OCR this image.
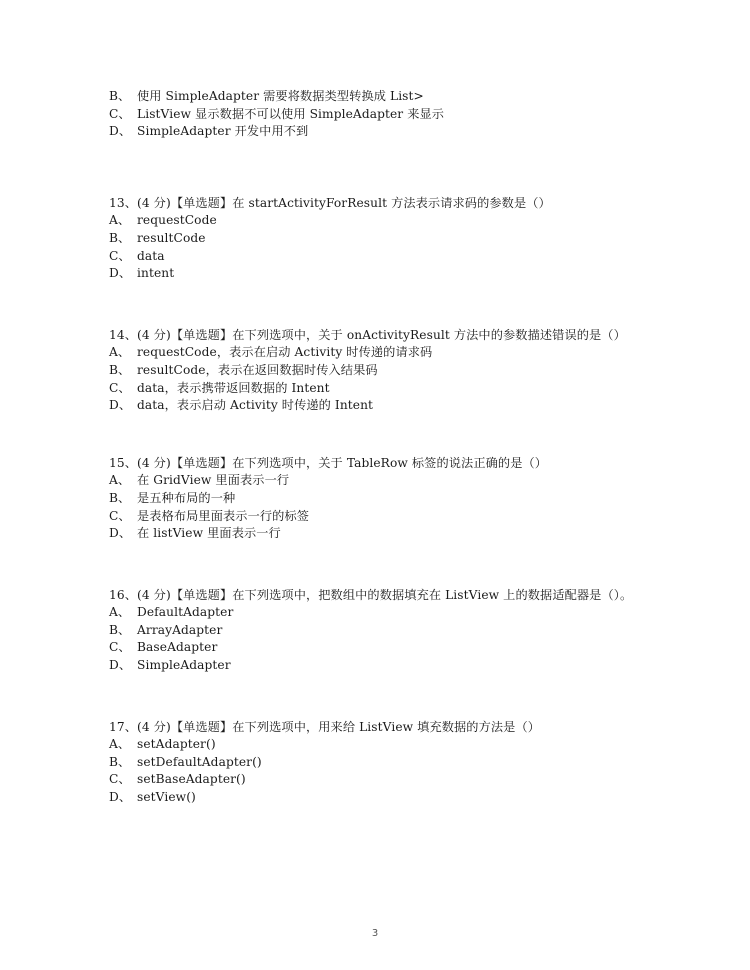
B、 使用 SimpleAdapter 需要将数据类型转换成 List>
C、 ListView 显示数据不可以使用 SimpleAdapter 来显示
D、 SimpleAdapter 开发中用不到
13、(4 分)【单选题】在 startActivityForResult 方法表示请求码的参数是（）
A、 requestCode
B、 resultCode
C、 data
D、 intent
14、(4 分)【单选题】在下列选项中，关于 onActivityResult 方法中的参数描述错误的是（）
A、 requestCode，表示在启动 Activity 时传递的请求码
B、 resultCode，表示在返回数据时传入结果码
C、 data，表示携带返回数据的 Intent
D、 data，表示启动 Activity 时传递的 Intent
15、(4 分)【单选题】在下列选项中，关于 TableRow 标签的说法正确的是（）
A、 在 GridView 里面表示一行
B、 是五种布局的一种
C、 是表格布局里面表示一行的标签
D、 在 listView 里面表示一行
16、(4 分)【单选题】在下列选项中，把数组中的数据填充在 ListView 上的数据适配器是（）。
A、 DefaultAdapter
B、 ArrayAdapter
C、 BaseAdapter
D、 SimpleAdapter
17、(4 分)【单选题】在下列选项中，用来给 ListView 填充数据的方法是（）
A、 setAdapter()
B、 setDefaultAdapter()
C、 setBaseAdapter()
D、 setView()
3
